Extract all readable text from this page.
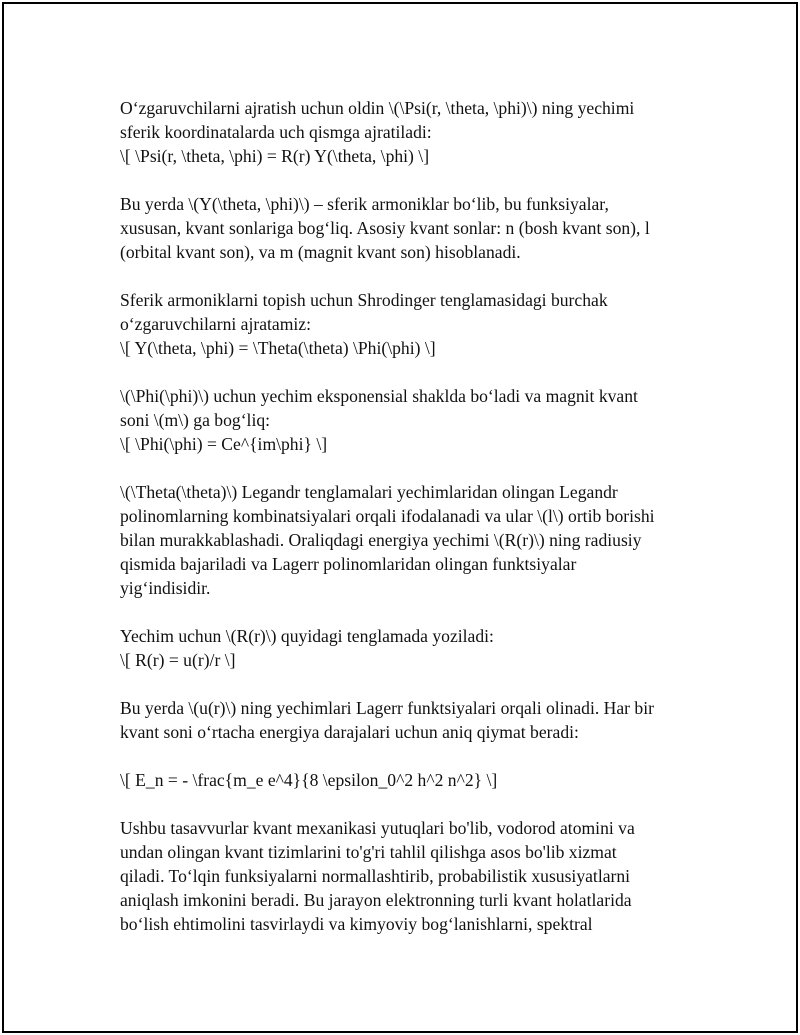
O‘zgaruvchilarni ajratish uchun oldin \(\Psi(r, \theta, \phi)\) ning yechimi
sferik koordinatalarda uch qismga ajratiladi:
\[ \Psi(r, \theta, \phi) = R(r) Y(\theta, \phi) \]

Bu yerda \(Y(\theta, \phi)\) – sferik armoniklar bo‘lib, bu funksiyalar,
xususan, kvant sonlariga bog‘liq. Asosiy kvant sonlar: n (bosh kvant son), l
(orbital kvant son), va m (magnit kvant son) hisoblanadi.

Sferik armoniklarni topish uchun Shrodinger tenglamasidagi burchak
o‘zgaruvchilarni ajratamiz:
\[ Y(\theta, \phi) = \Theta(\theta) \Phi(\phi) \]

\(\Phi(\phi)\) uchun yechim eksponensial shaklda bo‘ladi va magnit kvant
soni \(m\) ga bog‘liq:
\[ \Phi(\phi) = Ce^{im\phi} \]

\(\Theta(\theta)\) Legandr tenglamalari yechimlaridan olingan Legandr
polinomlarning kombinatsiyalari orqali ifodalanadi va ular \(l\) ortib borishi
bilan murakkablashadi. Oraliqdagi energiya yechimi \(R(r)\) ning radiusiy
qismida bajariladi va Lagerr polinomlaridan olingan funktsiyalar
yig‘indisidir.

Yechim uchun \(R(r)\) quyidagi tenglamada yoziladi:
\[ R(r) = u(r)/r \]

Bu yerda \(u(r)\) ning yechimlari Lagerr funktsiyalari orqali olinadi. Har bir
kvant soni o‘rtacha energiya darajalari uchun aniq qiymat beradi:

\[ E_n = - \frac{m_e e^4}{8 \epsilon_0^2 h^2 n^2} \]

Ushbu tasavvurlar kvant mexanikasi yutuqlari bo'lib, vodorod atomini va
undan olingan kvant tizimlarini to'g'ri tahlil qilishga asos bo'lib xizmat
qiladi. To‘lqin funksiyalarni normallashtirib, probabilistik xususiyatlarni
aniqlash imkonini beradi. Bu jarayon elektronning turli kvant holatlarida
bo‘lish ehtimolini tasvirlaydi va kimyoviy bog‘lanishlarni, spektral
